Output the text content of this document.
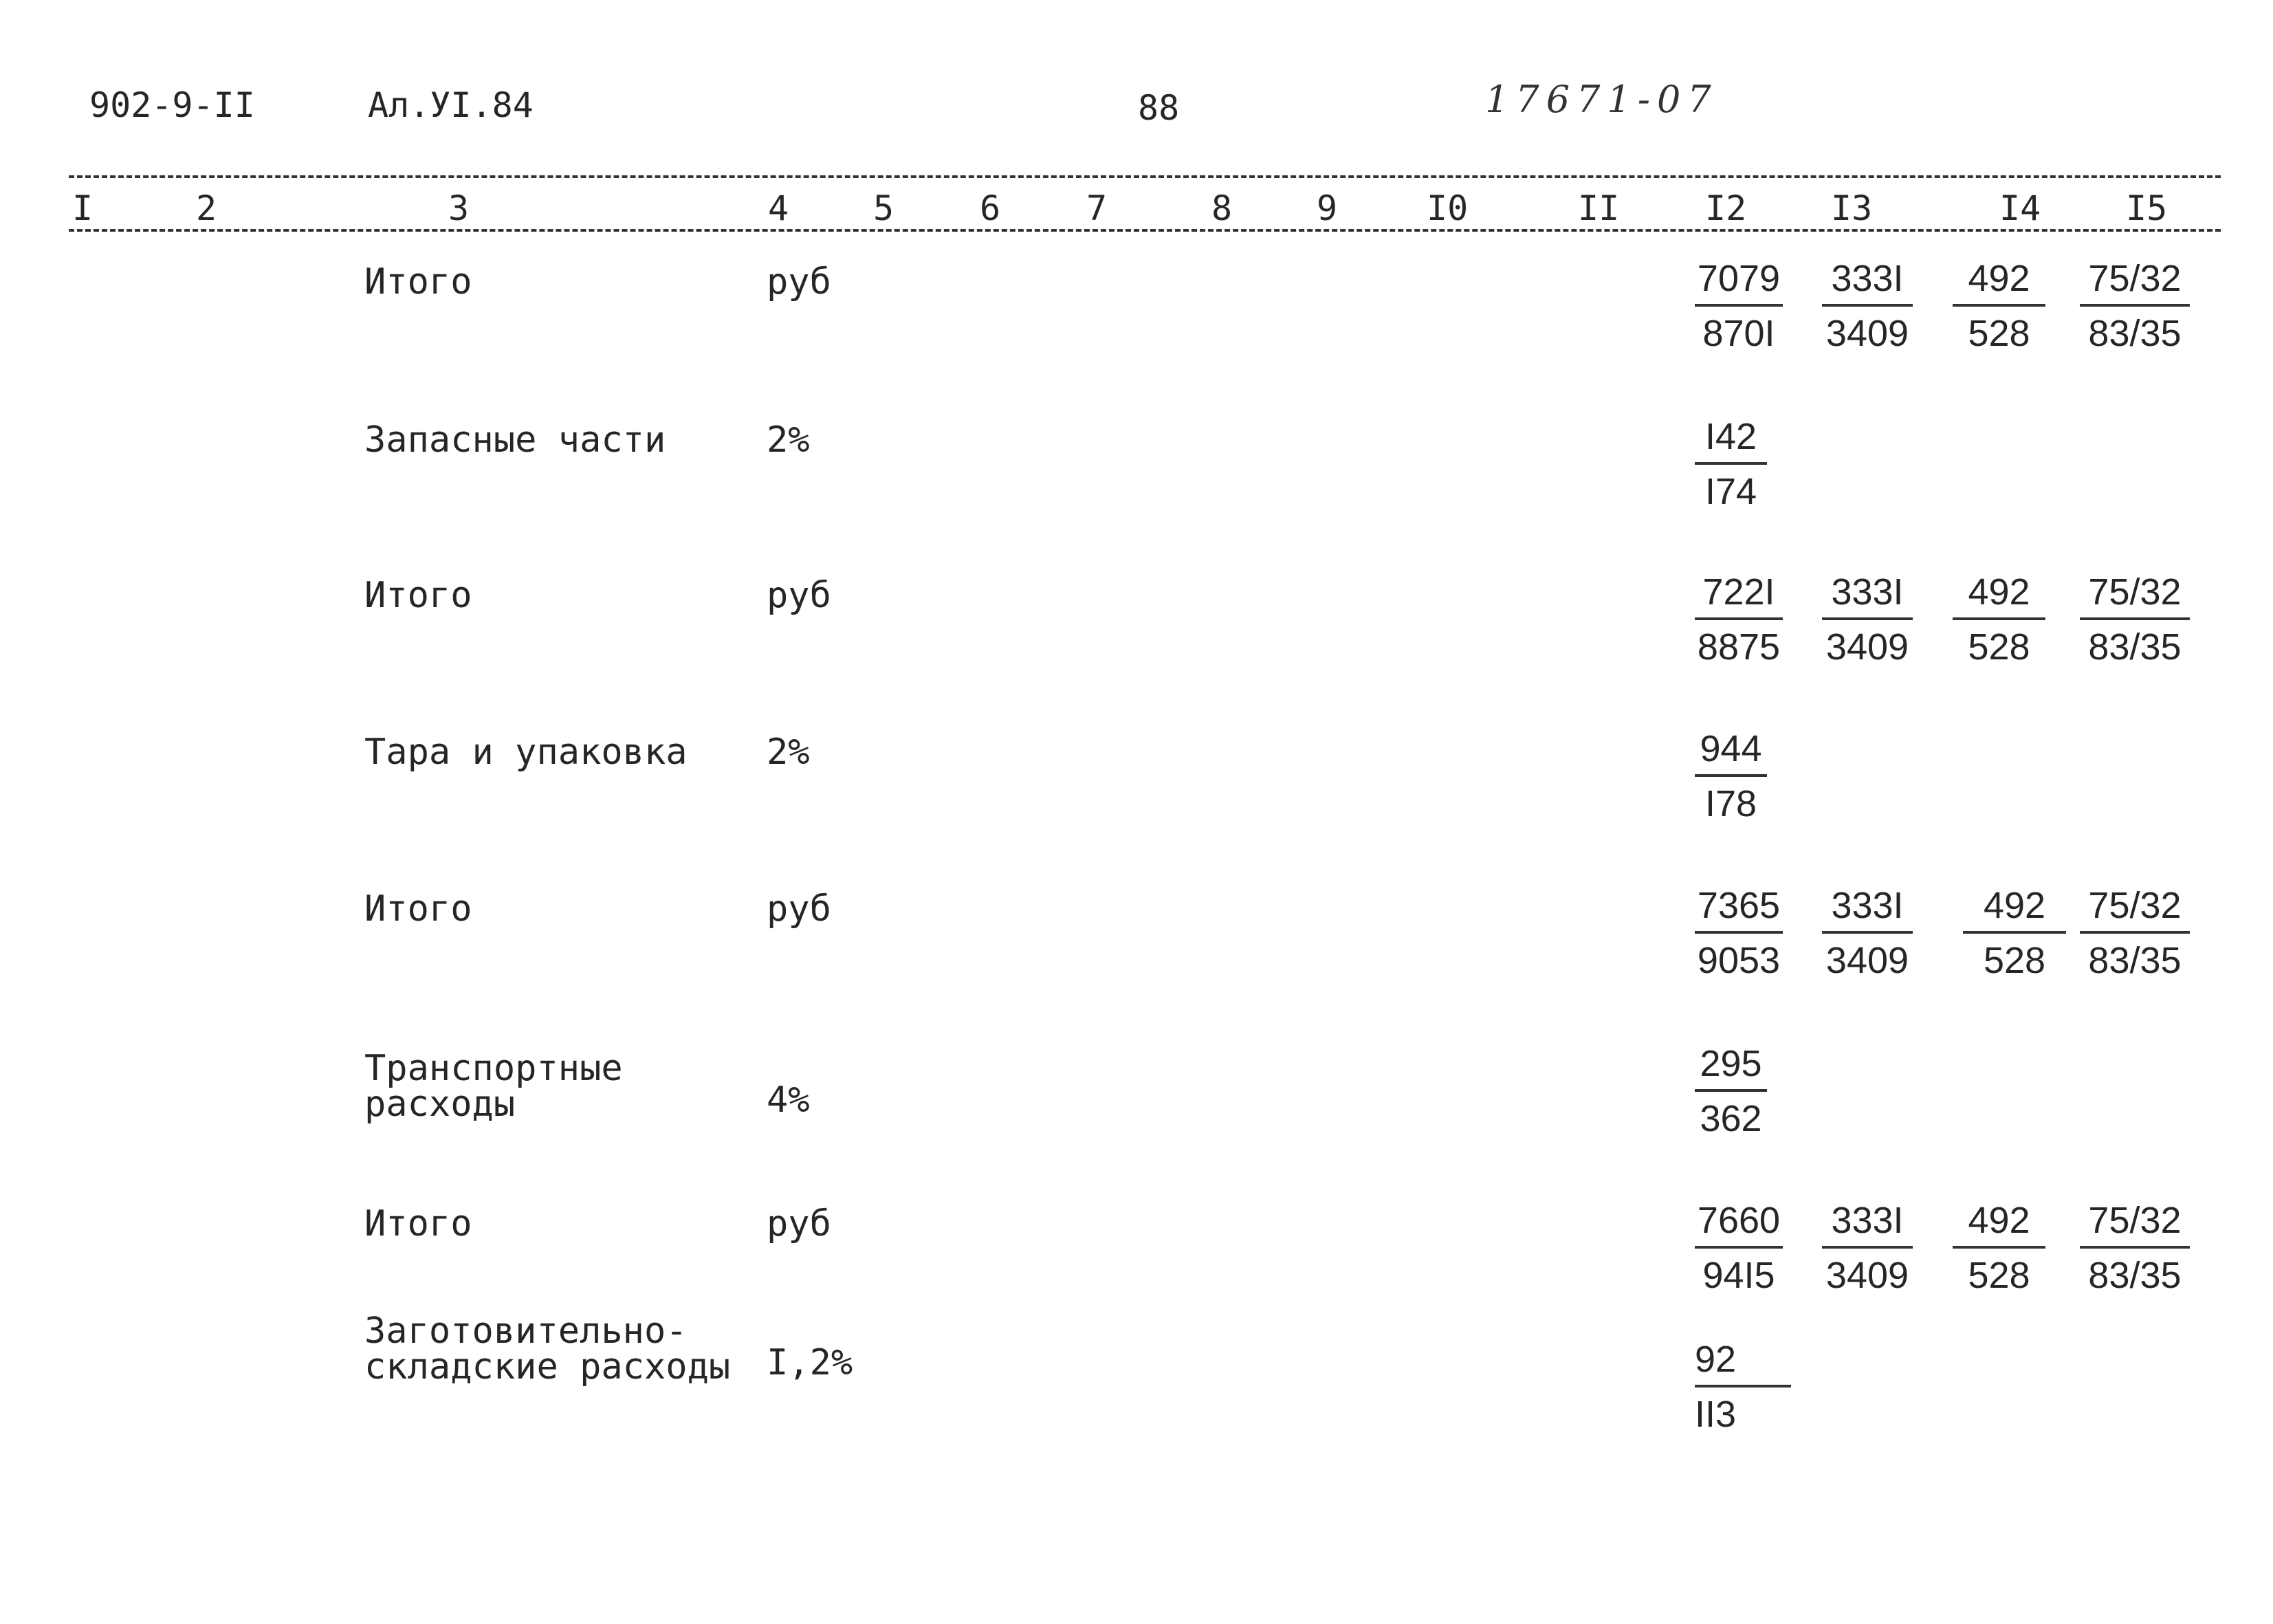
902-9-II	Ал.УI.84	88	17671-07
I	2	3	4 5 6 7	8 9	I0	II I2 I3	I4 I5
Итого	руб	$\frac{7079}{870I} \frac{333I}{3409} \frac{492}{528} \frac{75/32}{83/35}$
Запасные части	2%	$\frac{I42}{I74}$
Итого	руб	$\frac{722I}{8875} \frac{333I}{3409} \frac{492}{528} \frac{75/32}{83/35}$
Тара и упаковка 2%	$\frac{944}{I78}$
Итого	руб	$\frac{7365}{9053} \frac{333I}{3409} \frac{492}{528} \frac{75/32}{83/35}$
Транспортные
расходы	4%	$\frac{295}{362}$
Итого	руб	$\frac{7660}{94I5} \frac{333I}{3409} \frac{492}{528} \frac{75/32}{83/35}$
Заготовительно-
складские расходы I,2%	$\frac{92}{II3}$
